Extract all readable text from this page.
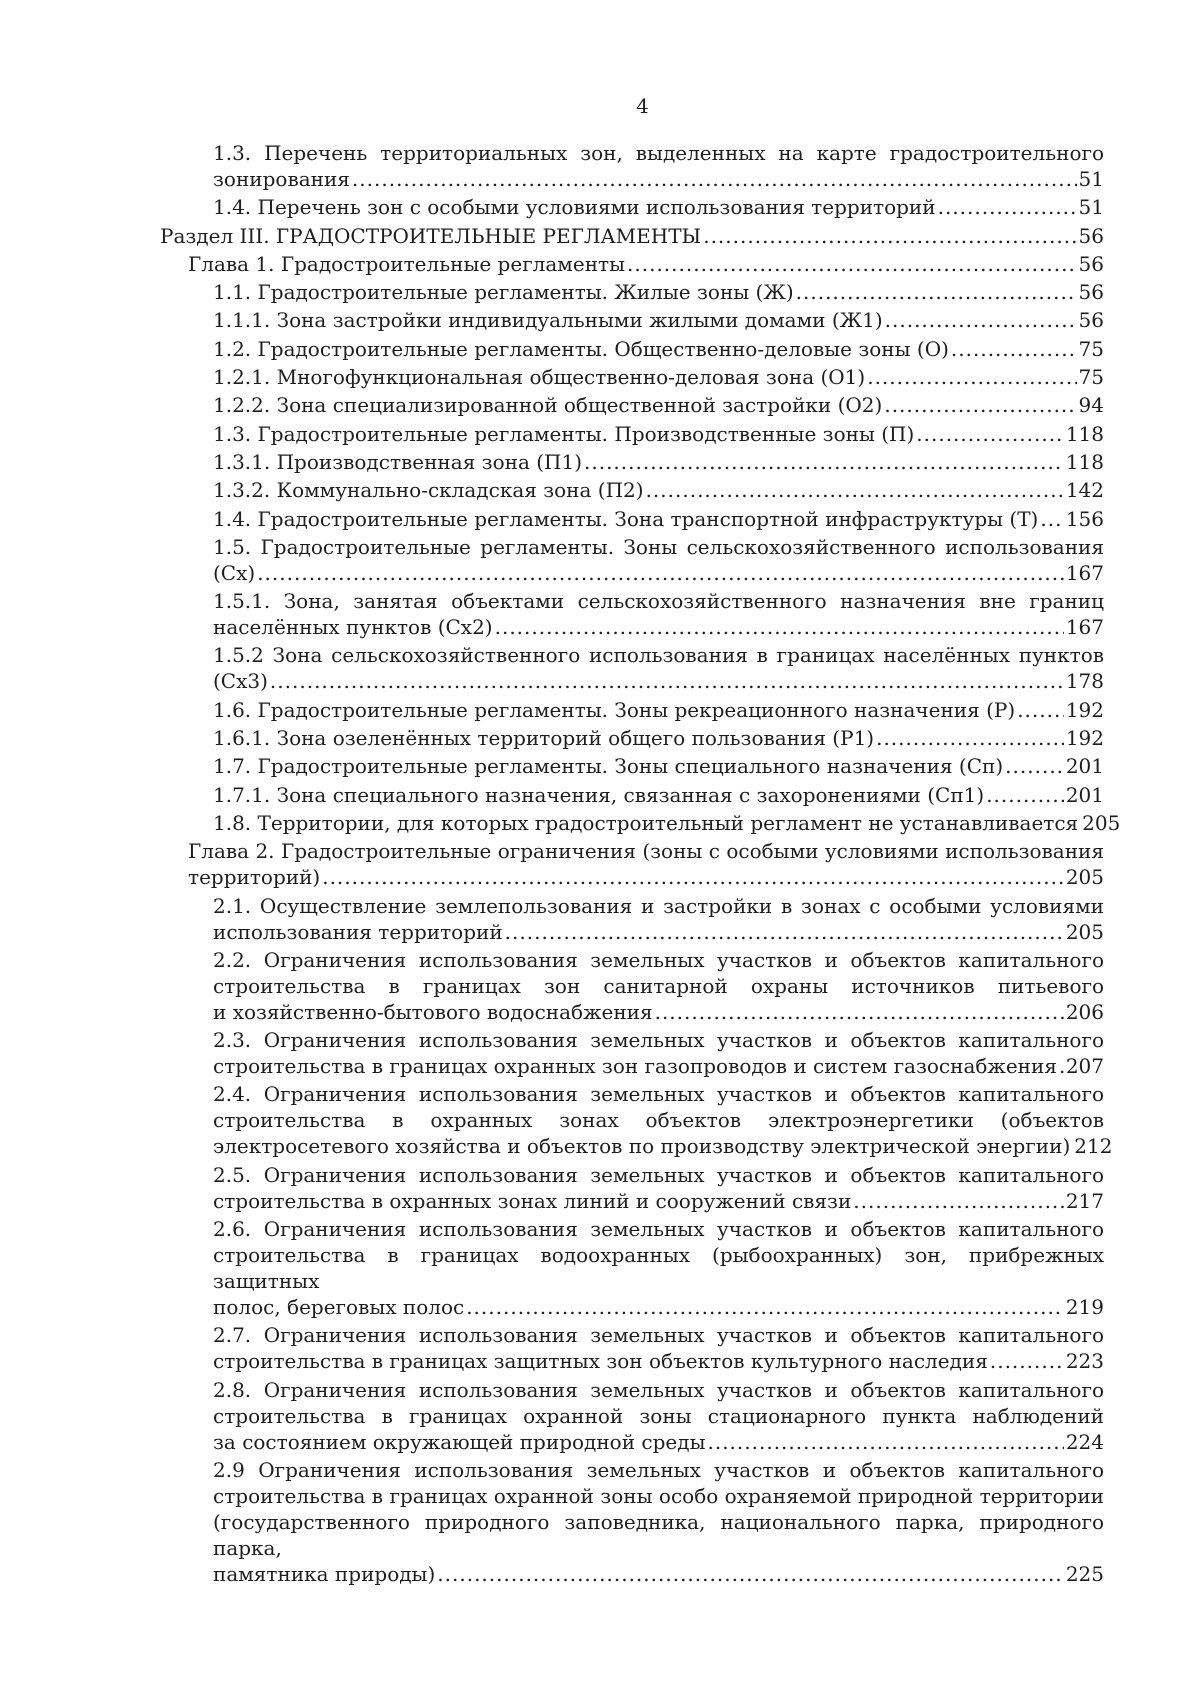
4
1.3. Перечень территориальных зон, выделенных на карте градостроительного
зонирования .....	51
1.4. Перечень зон с особыми условиями использования территорий .....	51
Раздел III. ГРАДОСТРОИТЕЛЬНЫЕ РЕГЛАМЕНТЫ .....	56
Глава 1. Градостроительные регламенты .....	56
1.1. Градостроительные регламенты. Жилые зоны (Ж) .....	56
1.1.1. Зона застройки индивидуальными жилыми домами (Ж1) .....	56
1.2. Градостроительные регламенты. Общественно-деловые зоны (О) .....	75
1.2.1. Многофункциональная общественно-деловая зона (О1) .....	75
1.2.2. Зона специализированной общественной застройки (О2) .....	94
1.3. Градостроительные регламенты. Производственные зоны (П) .....	118
1.3.1. Производственная зона (П1) .....	118
1.3.2. Коммунально-складская зона (П2) .....	142
1.4. Градостроительные регламенты. Зона транспортной инфраструктуры (Т) ..... 156
1.5. Градостроительные регламенты. Зоны сельскохозяйственного использования
(Сх) .....	167
1.5.1. Зона, занятая объектами сельскохозяйственного назначения вне границ
населённых пунктов (Сх2) .....	167
1.5.2 Зона сельскохозяйственного использования в границах населённых пунктов
(Сх3) .....	178
1.6. Градостроительные регламенты. Зоны рекреационного назначения (Р) .....	192
1.6.1. Зона озеленённых территорий общего пользования (Р1) .....	192
1.7. Градостроительные регламенты. Зоны специального назначения (Сп) .....	201
1.7.1. Зона специального назначения, связанная с захоронениями (Сп1) .....	201
1.8. Территории, для которых градостроительный регламент не устанавливается 205
Глава 2. Градостроительные ограничения (зоны с особыми условиями использования
территорий) .....	205
2.1. Осуществление землепользования и застройки в зонах с особыми условиями
использования территорий .....	205
2.2. Ограничения использования земельных участков и объектов капитального
строительства в границах зон санитарной охраны источников питьевого
и хозяйственно-бытового водоснабжения .....	206
2.3. Ограничения использования земельных участков и объектов капитального
строительства в границах охранных зон газопроводов и систем газоснабжения ..... 207
2.4. Ограничения использования земельных участков и объектов капитального
строительства в охранных зонах объектов электроэнергетики (объектов
электросетевого хозяйства и объектов по производству электрической энергии) 212
2.5. Ограничения использования земельных участков и объектов капитального
строительства в охранных зонах линий и сооружений связи .....	217
2.6. Ограничения использования земельных участков и объектов капитального
строительства в границах водоохранных (рыбоохранных) зон, прибрежных защитных
полос, береговых полос .....	219
2.7. Ограничения использования земельных участков и объектов капитального
строительства в границах защитных зон объектов культурного наследия .....	223
2.8. Ограничения использования земельных участков и объектов капитального
строительства в границах охранной зоны стационарного пункта наблюдений
за состоянием окружающей природной среды .....	224
2.9 Ограничения использования земельных участков и объектов капитального
строительства в границах охранной зоны особо охраняемой природной территории
(государственного природного заповедника, национального парка, природного парка,
памятника природы) .....	225
